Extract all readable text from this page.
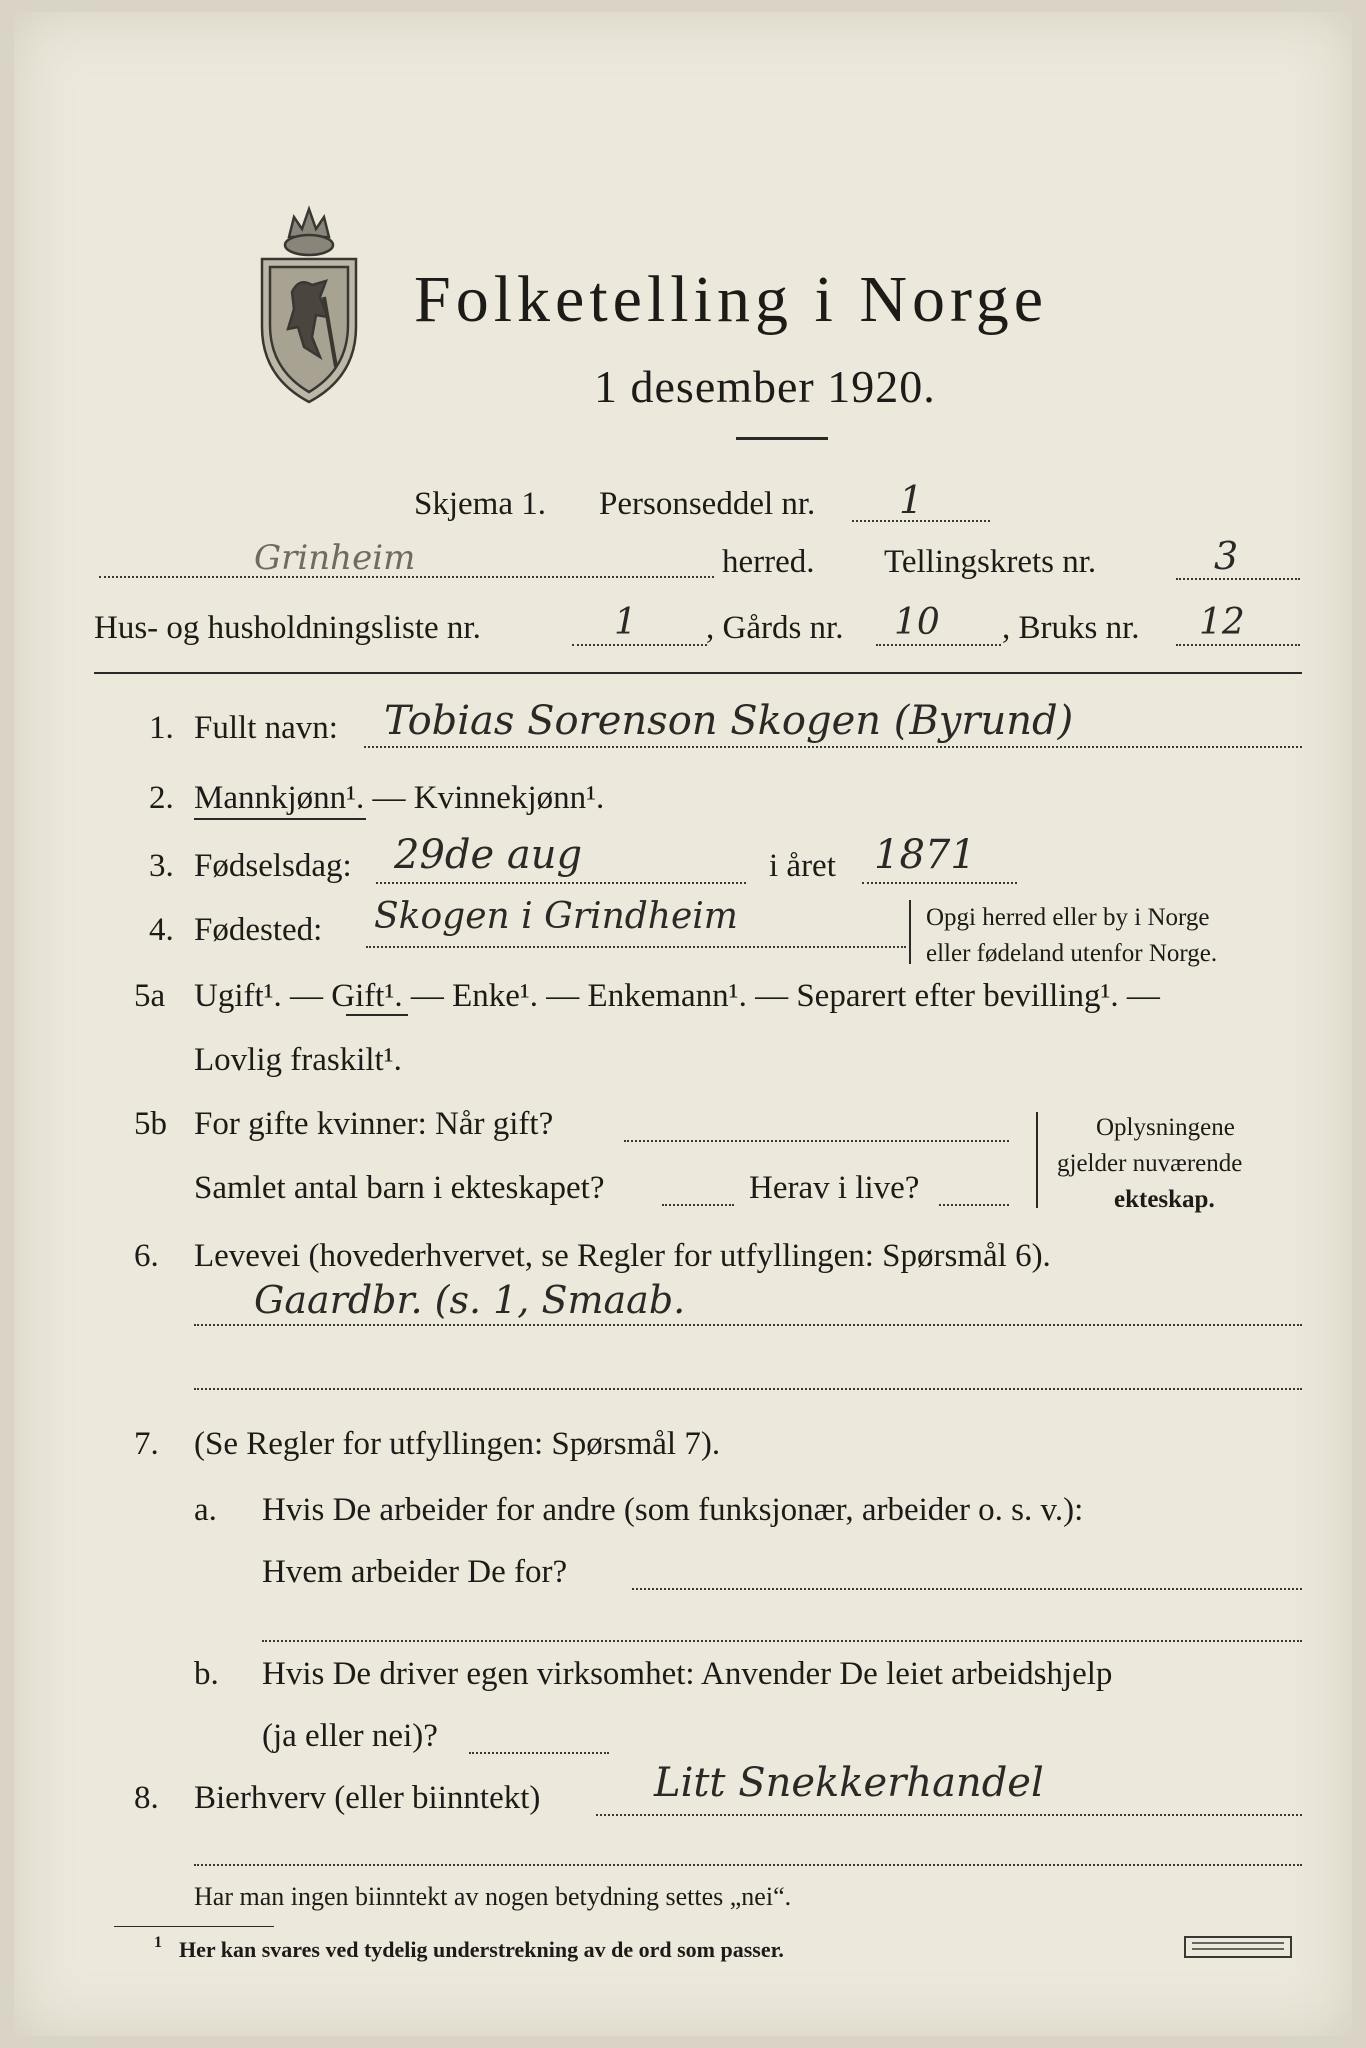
Folketelling i Norge
1 desember 1920.
Skjema 1. Personseddel nr. 1
Grinheim	herred. Tellingskrets nr.	3
Hus- og husholdningsliste nr.	1 , Gårds nr. 10 , Bruks nr. 12
1. Fullt navn: Tobias Sorenson Skogen (Byrund)
2. Mannkjønn¹. — Kvinnekjønn¹.
3. Fødselsdag: 29de aug	i året 1871
4. Fødested: Skogen i Grindheim	Opgi herred eller by i Norge
eller fødeland utenfor Norge.
5a Ugift¹. — Gift¹. — Enke¹. — Enkemann¹. — Separert efter bevilling¹. —
Lovlig fraskilt¹.
5b For gifte kvinner: Når gift?
Samlet antal barn i ekteskapet?	Herav i live?
Oplysningene
gjelder nuværende
ekteskap.
6. Levevei (hovederhvervet, se Regler for utfyllingen: Spørsmål 6).
Gaardbr. (s. 1, Smaab.
7. (Se Regler for utfyllingen: Spørsmål 7).
a. Hvis De arbeider for andre (som funksjonær, arbeider o. s. v.):
Hvem arbeider De for?
b. Hvis De driver egen virksomhet: Anvender De leiet arbeidshjelp
(ja eller nei)?
8. Bierhverv (eller biinntekt)	Litt Snekkerhandel
Har man ingen biinntekt av nogen betydning settes „nei“.
1 Her kan svares ved tydelig understrekning av de ord som passer.
